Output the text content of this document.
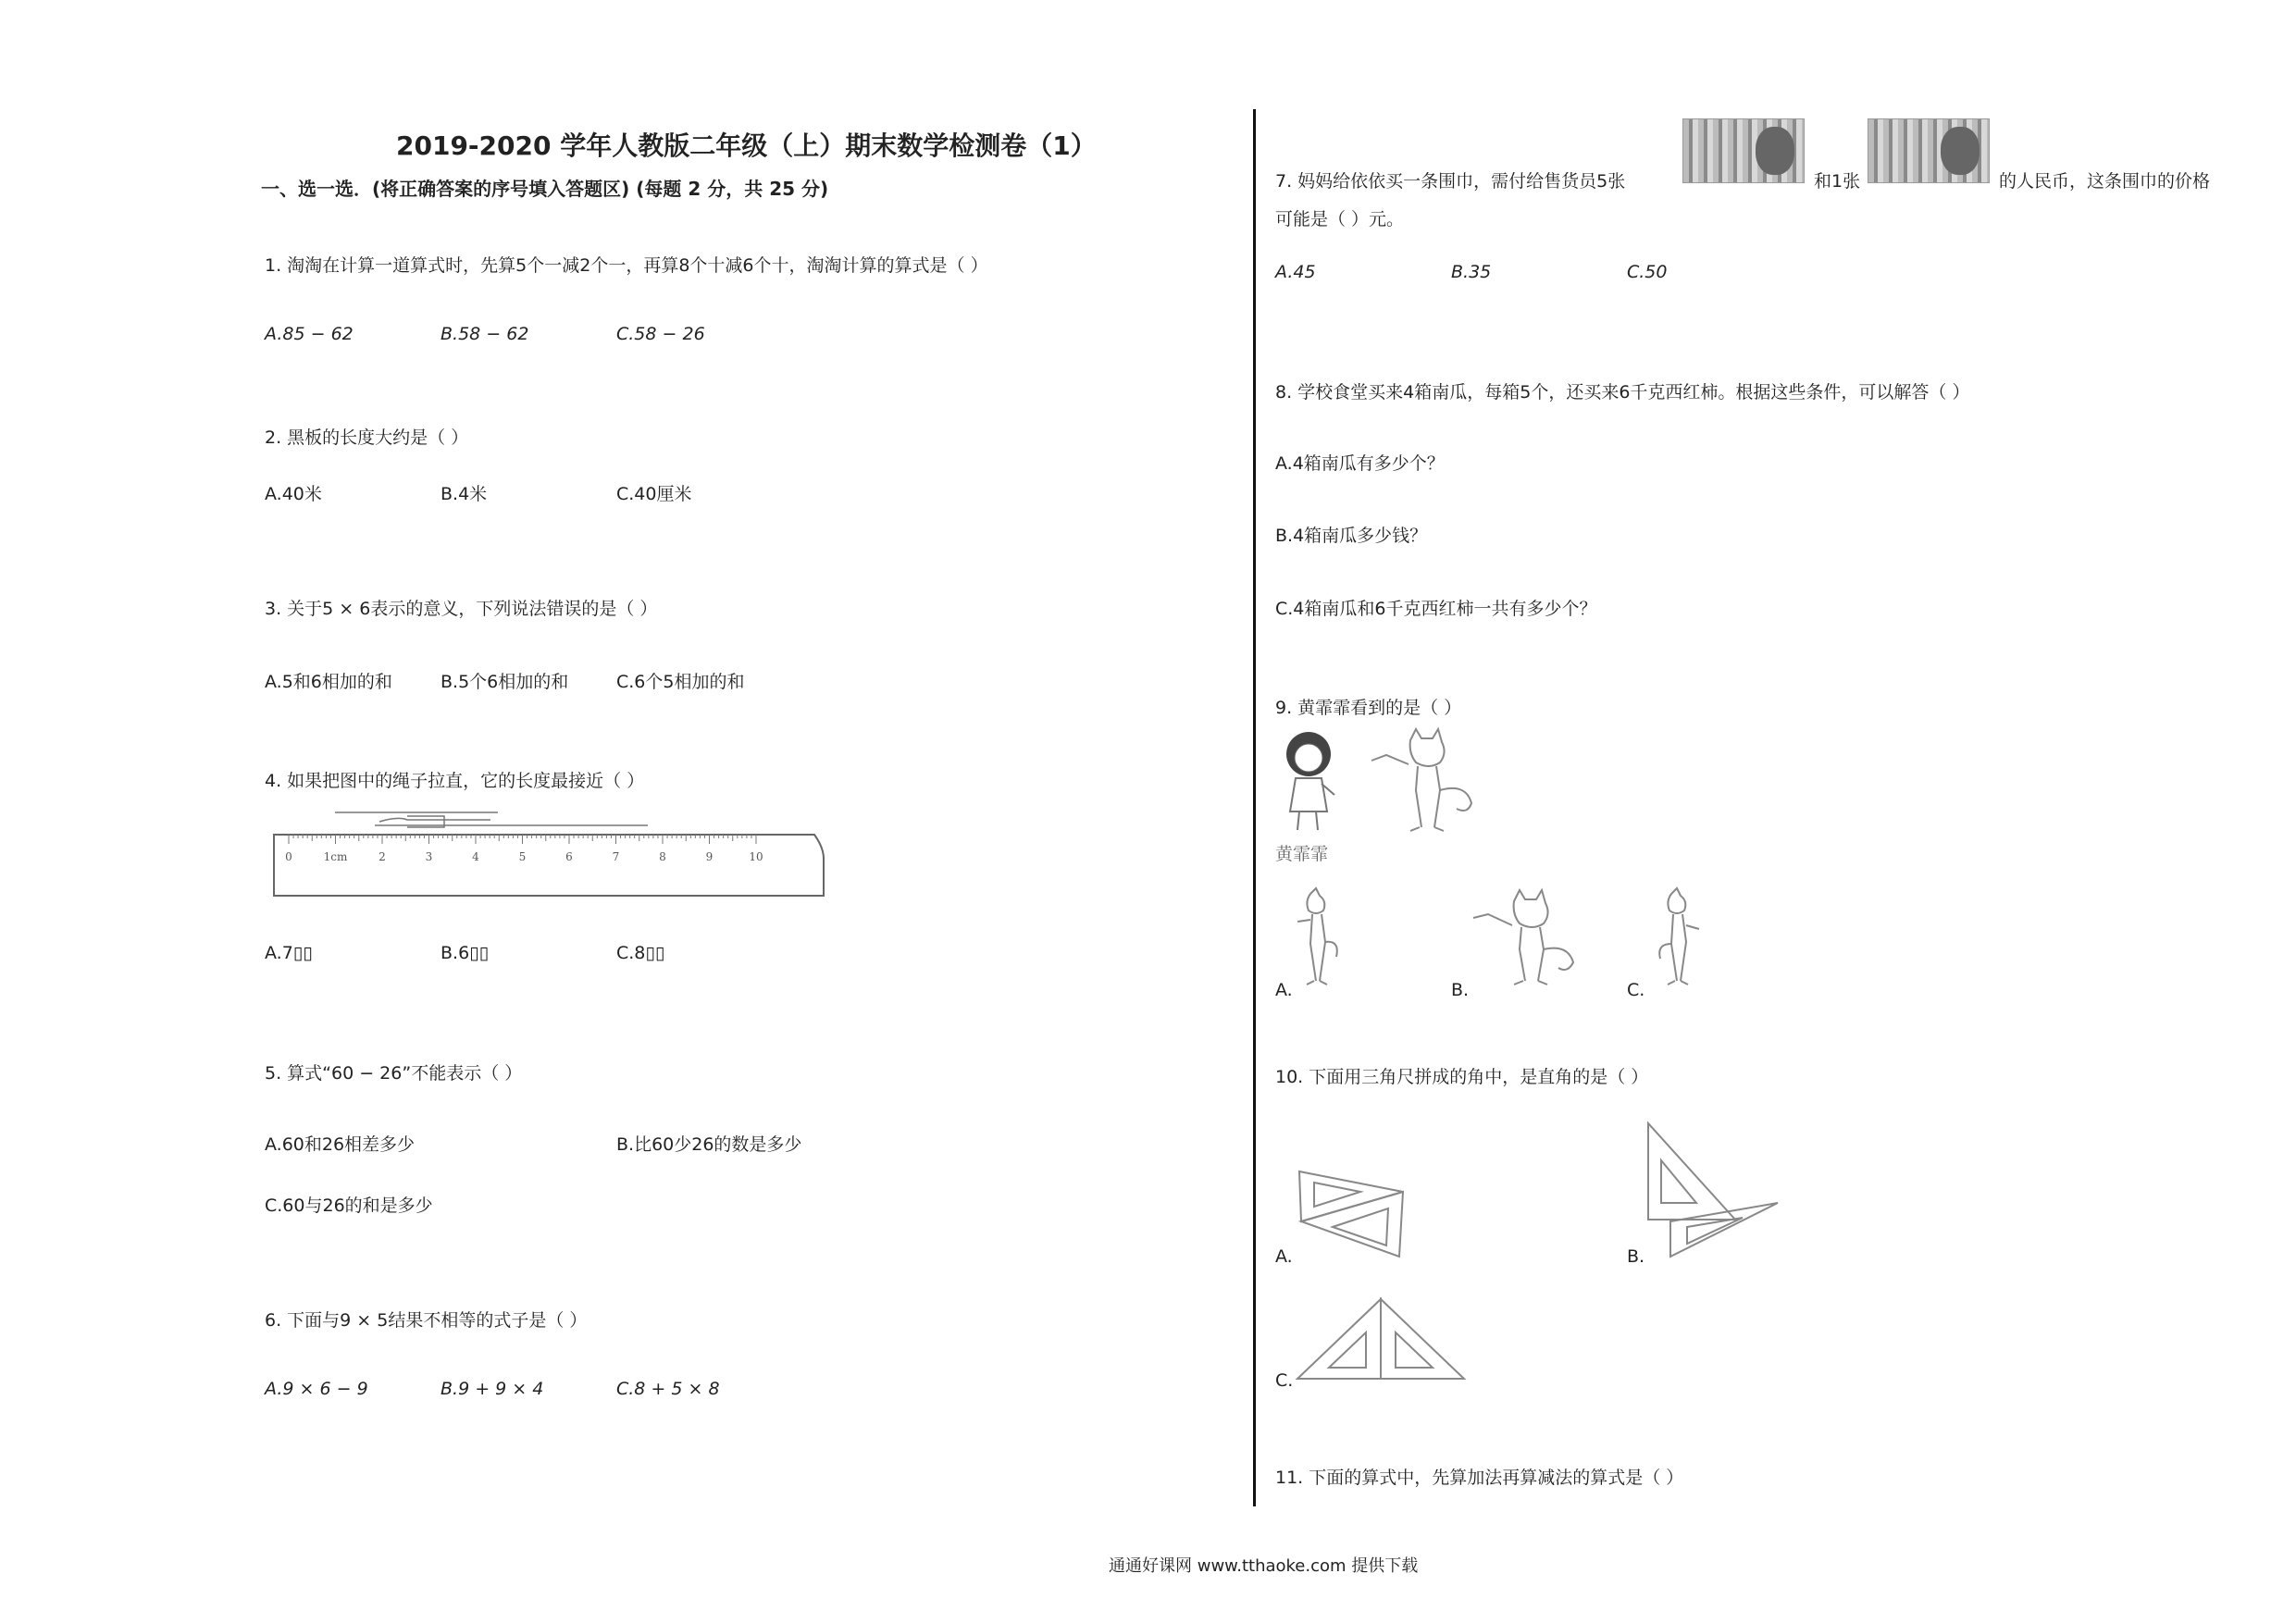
2019-2020 学年人教版二年级（上）期末数学检测卷（1）
一、选一选．(将正确答案的序号填入答题区) (每题 2 分，共 25 分)
1. 淘淘在计算一道算式时，先算5个一减2个一，再算8个十减6个十，淘淘计算的算式是（ ）
A.85 − 62	B.58 − 62	C.58 − 26
2. 黑板的长度大约是（ ）
A.40米	B.4米	C.40厘米
3. 关于5 × 6表示的意义，下列说法错误的是（ ）
A.5和6相加的和	B.5个6相加的和	C.6个5相加的和
4. 如果把图中的绳子拉直，它的长度最接近（ ）
0	1cm	2	3	4	5	6	7	8	9	10
A.7▯▯	B.6▯▯	C.8▯▯
5. 算式“60 − 26”不能表示（ ）
A.60和26相差多少	B.比60少26的数是多少
C.60与26的和是多少
6. 下面与9 × 5结果不相等的式子是（ ）
A.9 × 6 − 9	B.9 + 9 × 4	C.8 + 5 × 8
7. 妈妈给依依买一条围巾，需付给售货员5张	和1张	的人民币，这条围巾的价格
可能是（ ）元。
A.45	B.35	C.50
8. 学校食堂买来4箱南瓜，每箱5个，还买来6千克西红柿。根据这些条件，可以解答（ ）
A.4箱南瓜有多少个？
B.4箱南瓜多少钱？
C.4箱南瓜和6千克西红柿一共有多少个？
9. 黄霏霏看到的是（ ）
黄霏霏
A.	B.	C.
10. 下面用三角尺拼成的角中，是直角的是（ ）
A.	B.
C.
11. 下面的算式中，先算加法再算减法的算式是（ ）
通通好课网 www.tthaoke.com 提供下载
